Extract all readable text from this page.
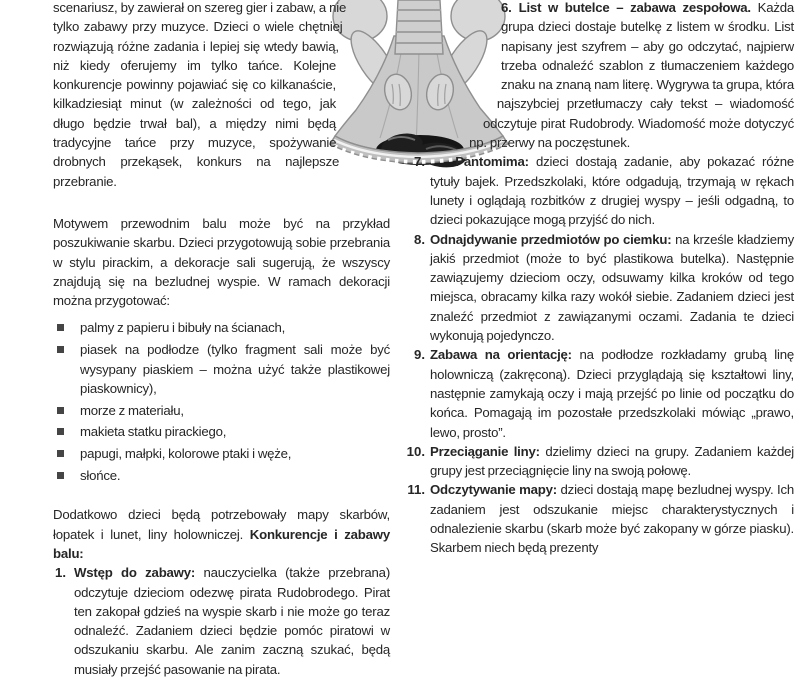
scenariusz, by zawierał on szereg gier i zabaw, a nie tylko zabawy przy muzyce. Dzieci o wiele chętniej rozwiązują różne zadania i lepiej się wtedy bawią, niż kiedy oferujemy im tylko tańce. Kolejne konkurencje powinny pojawiać się co kilkanaście, kilkadziesiąt minut (w zależności od tego, jak długo będzie trwał bal), a między nimi będą tradycyjne tańce przy muzyce, spożywanie drobnych przekąsek, konkurs na najlepsze przebranie.

Motywem przewodnim balu może być na przykład poszukiwanie skarbu. Dzieci przygotowują sobie przebrania w stylu pirackim, a dekoracje sali sugerują, że wszyscy znajdują się na bezludnej wyspie. W ramach dekoracji można przygotować:

palmy z papieru i bibuły na ścianach,
piasek na podłodze (tylko fragment sali może być wysypany piaskiem – można użyć także plastikowej piaskownicy),
morze z materiału,
makieta statku pirackiego,
papugi, małpki, kolorowe ptaki i węże,
słońce.

Dodatkowo dzieci będą potrzebowały mapy skarbów, łopatek i lunet, liny holowniczej. Konkurencje i zabawy balu:

1. Wstęp do zabawy: nauczycielka (także przebrana) odczytuje dzieciom odezwę pirata Rudobrodego. Pirat ten zakopał gdzieś na wyspie skarb i nie może go teraz odnaleźć. Zadaniem dzieci będzie pomóc piratowi w odszukaniu skarbu. Ale zanim zaczną szukać, będą musiały przejść pasowanie na pirata.
6. List w butelce – zabawa zespołowa. Każda grupa dzieci dostaje butelkę z listem w środku. List napisany jest szyfrem – aby go odczytać, najpierw trzeba odnaleźć szablon z tłumaczeniem każdego znaku na znaną nam literę. Wygrywa ta grupa, która najszybciej przetłumaczy cały tekst – wiadomość odczytuje pirat Rudobrody. Wiadomość może dotyczyć np. przerwy na poczęstunek.
7. Pantomima: dzieci dostają zadanie, aby pokazać różne tytuły bajek. Przedszkolaki, które odgadują, trzymają w rękach lunety i oglądają rozbitków z drugiej wyspy – jeśli odgadną, to dzieci pokazujące mogą przyjść do nich.
8. Odnajdywanie przedmiotów po ciemku: na krześle kładziemy jakiś przedmiot (może to być plastikowa butelka). Następnie zawiązujemy dzieciom oczy, odsuwamy kilka kroków od tego miejsca, obracamy kilka razy wokół siebie. Zadaniem dzieci jest znaleźć przedmiot z zawiązanymi oczami. Zadania te dzieci wykonują pojedynczo.
9. Zabawa na orientację: na podłodze rozkładamy grubą linę holowniczą (zakręconą). Dzieci przyglądają się kształtowi liny, następnie zamykają oczy i mają przejść po linie od początku do końca. Pomagają im pozostałe przedszkolaki mówiąc „prawo, lewo, prosto”.
10. Przeciąganie liny: dzielimy dzieci na grupy. Zadaniem każdej grupy jest przeciągnięcie liny na swoją połowę.
11. Odczytywanie mapy: dzieci dostają mapę bezludnej wyspy. Ich zadaniem jest odszukanie miejsc charakterystycznych i odnalezienie skarbu (skarb może być zakopany w górze piasku). Skarbem niech będą prezenty
